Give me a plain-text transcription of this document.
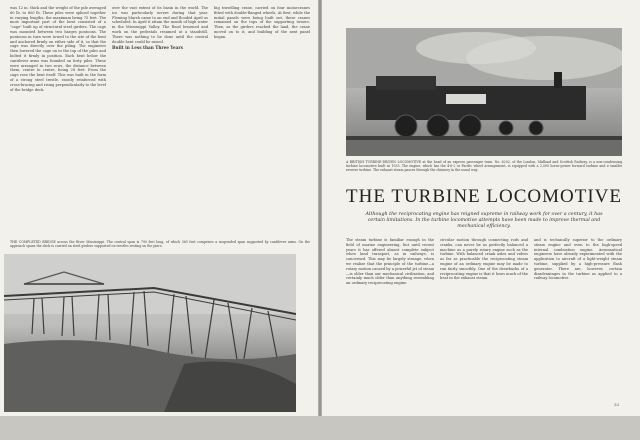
was 12 in. thick and the weight of the pile averaged 60 lb. to 800 lb. These piles were spliced together in varying lengths, the maximum being 75 feet. The most important part of the bent consisted of a "cage" built up of structural steel girders. The cage was mounted between two barges pontoons. The pontoons in turn were towed to the site of the bent and anchored firmly on either side of it, so that the cage was directly over the piling. The engineers then lowered the cage on to the top of the piles and bolted it firmly in position. Each bent below the cantilever arms was founded on forty piles. These were arranged in two rows, the distance between them, centre to centre, being 28 feet. From the cage rose the bent itself. This was built in the form of a strong steel trestle, stoutly reinforced with cross-bracing and rising perpendicularly to the level of the bridge deck.

over the vast extent of its basin in the world. The ice was particularly severe during that year. Fleming Marsh came to an end and flooded April as scheduled. In April it attain the month of high water in the Mississippi Valley. The flood lessened and work on the pedestals resumed at a standstill. There was nothing to be done until the central double bent could be raised.

Built in Less than Three Years

big travelling crane, carried on four motorcranes fitted with double-flanged wheels. At first, while the initial panels were being built out, these cranes remained on the tops of the supporting towers. Then, as the girders reached the land, the crane moved on to it, and building of the next panel began.

THE COMPLETED BRIDGE across the River Mississippi. The central span is 790 feet long, of which 365 feet comprises a suspended span supported by cantilever arms. On the approach spans the deck is carried on steel girders supported on trestles resting on the piers.
A BRITISH TURBINE-DRIVEN LOCOMOTIVE at the head of an express passenger train. No. 6202, of the London, Midland and Scottish Railway, is a non-condensing turbine locomotive built in 1935. The engine, which has the 4-6-2 or Pacific wheel arrangement, is equipped with a 2,000 horse-power forward turbine and a smaller reverse turbine. The exhaust steam passes through the chimney in the usual way.
THE TURBINE LOCOMOTIVE
Although the reciprocating engine has reigned supreme in railway work for over a century, it has certain limitations. In the turbine locomotive attempts have been made to improve thermal and mechanical efficiency.

The steam turbine is familiar enough in the field of marine engineering, but until recent years it has offered almost complete subject when land transport, as in railways, is concerned. This may be largely strange, when we realize that the principle of the turbine—a rotary motion caused by a powerful jet of steam—is older than our mechanical civilization, and certainly much older than anything resembling an ordinary reciprocating engine.

circular motion through connecting rods and cranks, can never be as perfectly balanced a machine as a purely rotary engine such as the turbine. With balanced crank axles and valves as far as practicable the reciprocating steam engine of an ordinary engine may be made to run fairly smoothly. One of the drawbacks of a reciprocating engine is that it loses much of the heat in the exhaust steam.

and is technically superior to the ordinary steam engine and even to the high-speed internal combustion engine. Aeronautical engineers have already experimented with the application to aircraft of a light-weight steam turbine, supplied by a high-pressure flash generator. There are, however, certain disadvantages in the turbine as applied to a railway locomotive.

33
